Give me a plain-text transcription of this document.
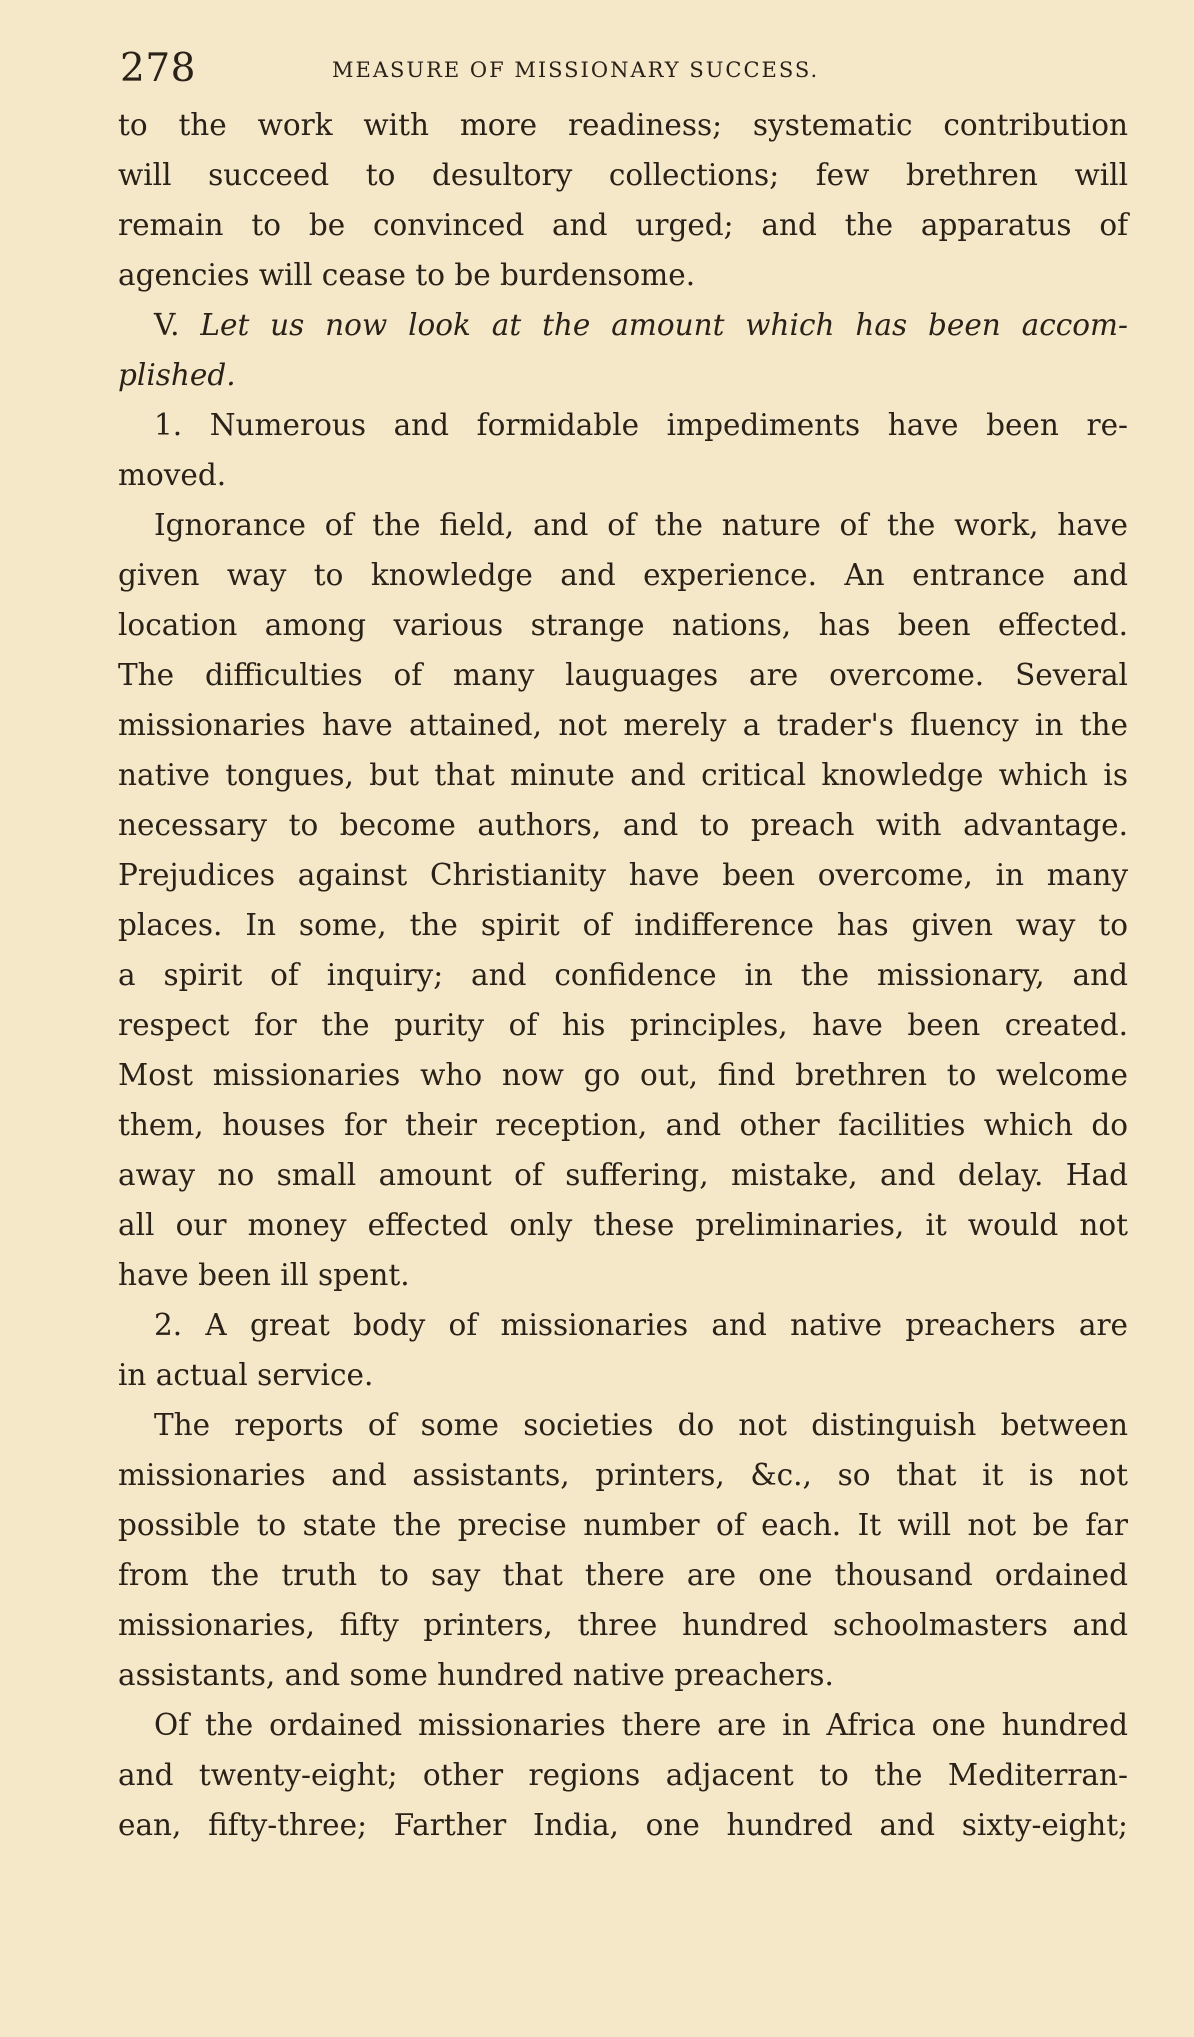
278	MEASURE OF MISSIONARY SUCCESS.
to the work with more readiness; systematic contribution
will succeed to desultory collections; few brethren will
remain to be convinced and urged; and the apparatus of
agencies will cease to be burdensome.
V. Let us now look at the amount which has been accom-
plished.
1. Numerous and formidable impediments have been re-
moved.
Ignorance of the field, and of the nature of the work, have
given way to knowledge and experience. An entrance and
location among various strange nations, has been effected.
The difficulties of many lauguages are overcome. Several
missionaries have attained, not merely a trader's fluency in the
native tongues, but that minute and critical knowledge which is
necessary to become authors, and to preach with advantage.
Prejudices against Christianity have been overcome, in many
places. In some, the spirit of indifference has given way to
a spirit of inquiry; and confidence in the missionary, and
respect for the purity of his principles, have been created.
Most missionaries who now go out, find brethren to welcome
them, houses for their reception, and other facilities which do
away no small amount of suffering, mistake, and delay. Had
all our money effected only these preliminaries, it would not
have been ill spent.
2. A great body of missionaries and native preachers are
in actual service.
The reports of some societies do not distinguish between
missionaries and assistants, printers, &c., so that it is not
possible to state the precise number of each. It will not be far
from the truth to say that there are one thousand ordained
missionaries, fifty printers, three hundred schoolmasters and
assistants, and some hundred native preachers.
Of the ordained missionaries there are in Africa one hundred
and twenty-eight; other regions adjacent to the Mediterran-
ean, fifty-three; Farther India, one hundred and sixty-eight;
